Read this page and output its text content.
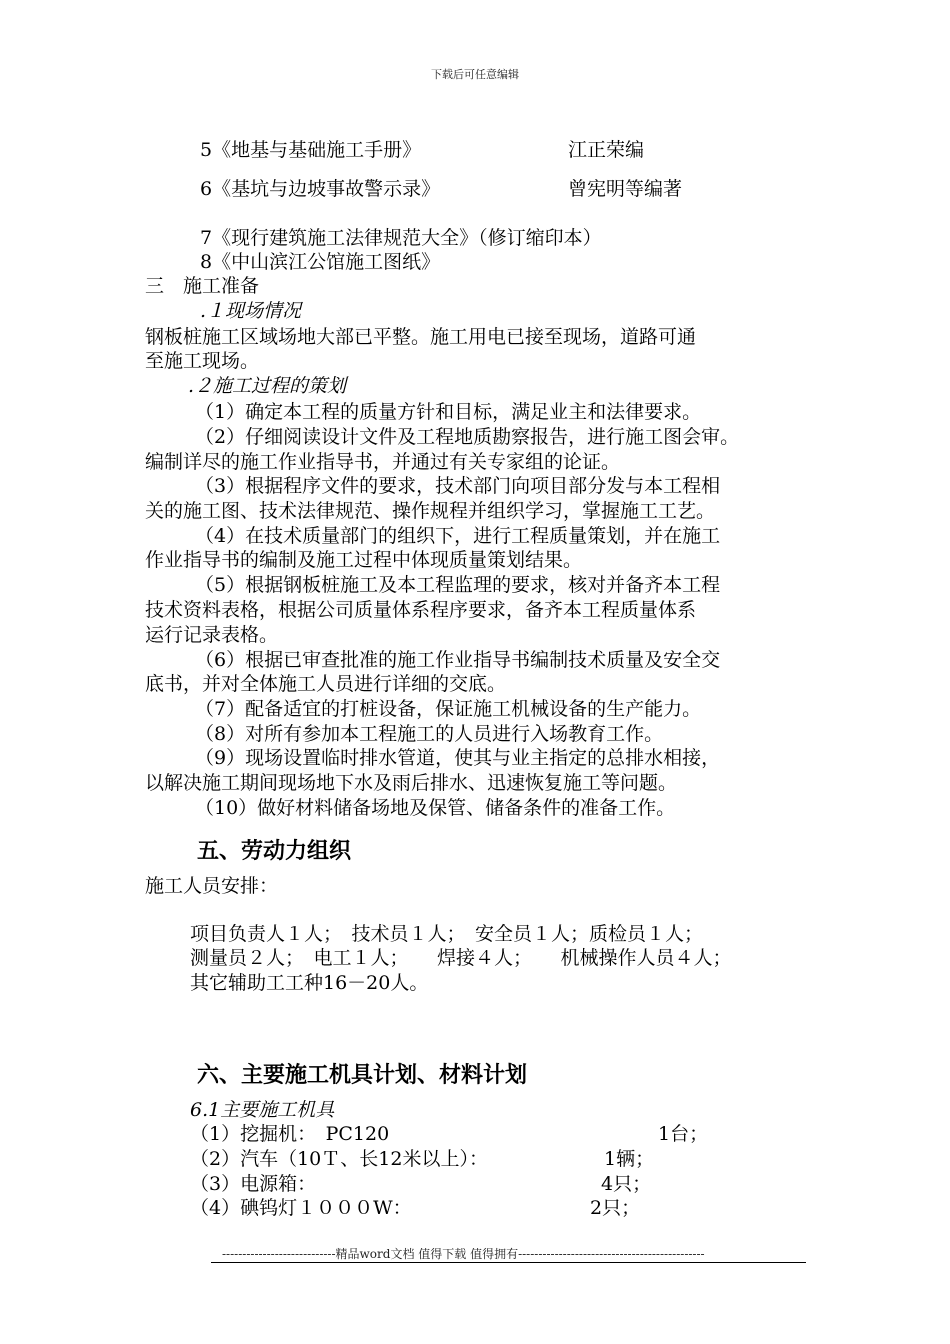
下载后可任意编辑
5《地基与基础施工手册》	江正荣编
6《基坑与边坡事故警示录》	曾宪明等编著
7《现行建筑施工法律规范大全》（修订缩印本）
8《中山滨江公馆施工图纸》
三　施工准备
.１现场情况
钢板桩施工区域场地大部已平整。施工用电已接至现场，道路可通
至施工现场。
.２施工过程的策划
（1）确定本工程的质量方针和目标，满足业主和法律要求。
（2）仔细阅读设计文件及工程地质勘察报告，进行施工图会审。
编制详尽的施工作业指导书，并通过有关专家组的论证。
（3）根据程序文件的要求，技术部门向项目部分发与本工程相
关的施工图、技术法律规范、操作规程并组织学习，掌握施工工艺。
（4）在技术质量部门的组织下，进行工程质量策划，并在施工
作业指导书的编制及施工过程中体现质量策划结果。
（5）根据钢板桩施工及本工程监理的要求，核对并备齐本工程
技术资料表格，根据公司质量体系程序要求，备齐本工程质量体系
运行记录表格。
（6）根据已审查批准的施工作业指导书编制技术质量及安全交
底书，并对全体施工人员进行详细的交底。
（7）配备适宜的打桩设备，保证施工机械设备的生产能力。
（8）对所有参加本工程施工的人员进行入场教育工作。
（9）现场设置临时排水管道，使其与业主指定的总排水相接，
以解决施工期间现场地下水及雨后排水、迅速恢复施工等问题。
（10）做好材料储备场地及保管、储备条件的准备工作。
五、劳动力组织
施工人员安排：
项目负责人１人；　技术员１人；　安全员１人；质检员１人；
测量员２人；　电工１人；　　焊接４人；　　机械操作人员４人；
其它辅助工工种16－20人。
六、主要施工机具计划、材料计划
6.1主要施工机具
（1）挖掘机：　PC120	1台；
（2）汽车（10Ｔ、长12米以上）：	1辆；
（3）电源箱：	4只；
（4）碘钨灯１０００W：	2只；
----------------------------精品word文档 值得下载 值得拥有----------------------------------------------
